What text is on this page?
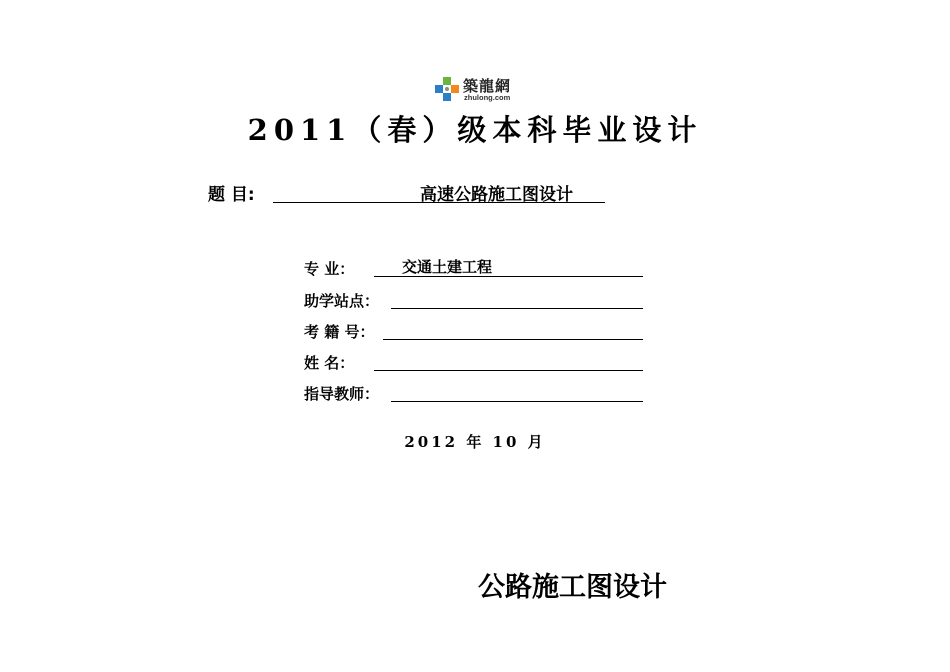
築龍網
zhulong.com
2011（春）级本科毕业设计
题 目:	高速公路施工图设计
专 业：	交通土建工程
助学站点：
考 籍 号：
姓 名：
指导教师：
2012 年 10 月
公路施工图设计
